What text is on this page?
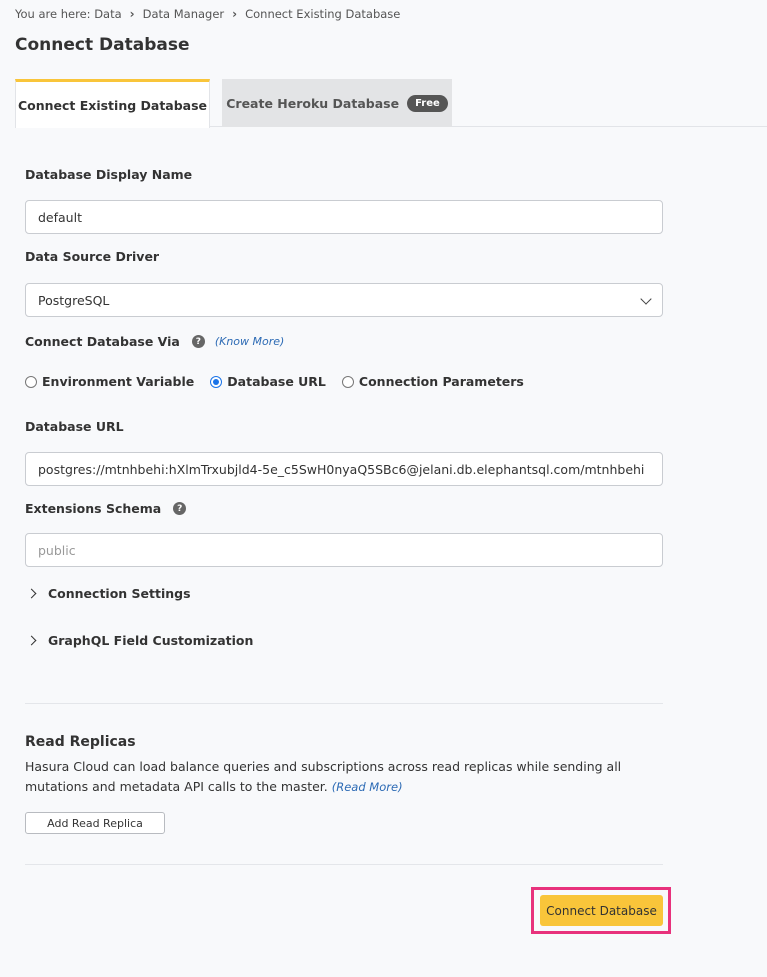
You are here:
Data › Data Manager › Connect Existing Database
Connect Database
Connect Existing Database Create Heroku Database	Free
Database Display Name
default
Data Source Driver
PostgreSQL
Connect Database Via	?	(Know More)
Environment Variable	Database URL	Connection Parameters
Database URL
postgres://mtnhbehi:hXlmTrxubjld4-5e_c5SwH0nyaQ5SBc6@jelani.db.elephantsql.com/mtnhbehi
Extensions Schema	?
public
Connection Settings
GraphQL Field Customization
Read Replicas
Hasura Cloud can load balance queries and subscriptions across read replicas while sending all mutations and metadata API calls to the master. (Read More)
Add Read Replica
Connect Database
